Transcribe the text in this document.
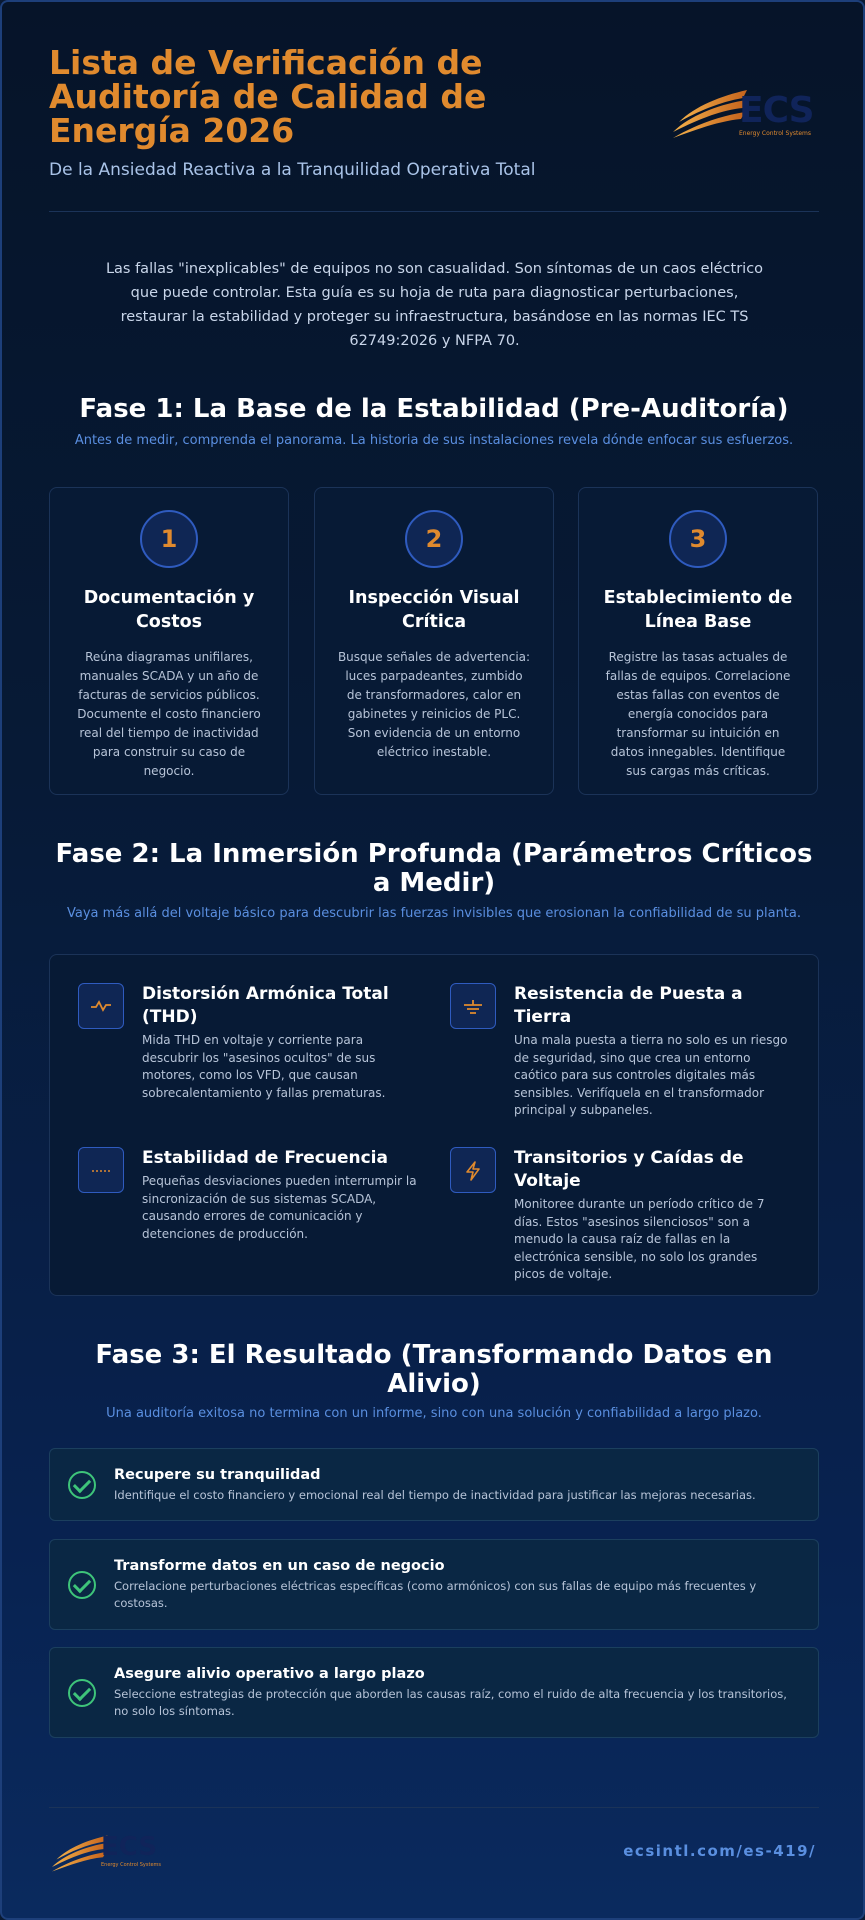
Lista de Verificación de Auditoría de Calidad de Energía 2026
De la Ansiedad Reactiva a la Tranquilidad Operativa Total
ECS
Energy Control Systems

Las fallas "inexplicables" de equipos no son casualidad. Son síntomas de un caos eléctrico que puede controlar. Esta guía es su hoja de ruta para diagnosticar perturbaciones, restaurar la estabilidad y proteger su infraestructura, basándose en las normas IEC TS 62749:2026 y NFPA 70.

Fase 1: La Base de la Estabilidad (Pre-Auditoría)

Antes de medir, comprenda el panorama. La historia de sus instalaciones revela dónde enfocar sus esfuerzos.

1
Documentación y Costos
Reúna diagramas unifilares, manuales SCADA y un año de facturas de servicios públicos. Documente el costo financiero real del tiempo de inactividad para construir su caso de negocio.
2
Inspección Visual Crítica
Busque señales de advertencia: luces parpadeantes, zumbido de transformadores, calor en gabinetes y reinicios de PLC. Son evidencia de un entorno eléctrico inestable.
3
Establecimiento de Línea Base
Registre las tasas actuales de fallas de equipos. Correlacione estas fallas con eventos de energía conocidos para transformar su intuición en datos innegables. Identifique sus cargas más críticas.
Fase 2: La Inmersión Profunda (Parámetros Críticos a Medir)

Vaya más allá del voltaje básico para descubrir las fuerzas invisibles que erosionan la confiabilidad de su planta.

Distorsión Armónica Total (THD)
Mida THD en voltaje y corriente para descubrir los "asesinos ocultos" de sus motores, como los VFD, que causan sobrecalentamiento y fallas prematuras.
Resistencia de Puesta a Tierra
Una mala puesta a tierra no solo es un riesgo de seguridad, sino que crea un entorno caótico para sus controles digitales más sensibles. Verifíquela en el transformador principal y subpaneles.
Estabilidad de Frecuencia
Pequeñas desviaciones pueden interrumpir la sincronización de sus sistemas SCADA, causando errores de comunicación y detenciones de producción.
Transitorios y Caídas de Voltaje
Monitoree durante un período crítico de 7 días. Estos "asesinos silenciosos" son a menudo la causa raíz de fallas en la electrónica sensible, no solo los grandes picos de voltaje.
Fase 3: El Resultado (Transformando Datos en Alivio)

Una auditoría exitosa no termina con un informe, sino con una solución y confiabilidad a largo plazo.

Recupere su tranquilidad
Identifique el costo financiero y emocional real del tiempo de inactividad para justificar las mejoras necesarias.
Transforme datos en un caso de negocio
Correlacione perturbaciones eléctricas específicas (como armónicos) con sus fallas de equipo más frecuentes y costosas.
Asegure alivio operativo a largo plazo
Seleccione estrategias de protección que aborden las causas raíz, como el ruido de alta frecuencia y los transitorios, no solo los síntomas.
ECS
Energy Control Systems
ecsintl.com/es-419/
